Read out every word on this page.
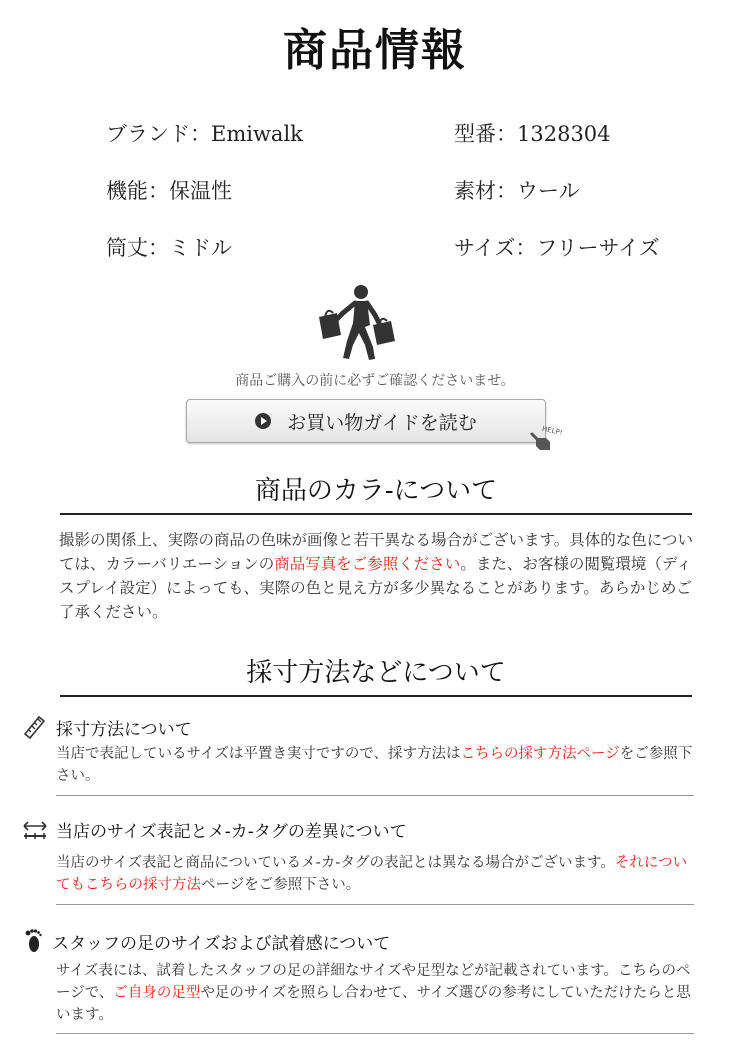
商品情報
ブランド：Emiwalk	型番：1328304
機能：保温性	素材：ウール
筒丈：ミドル	サイズ：フリーサイズ
商品ご購入の前に必ずご確認くださいませ。
お買い物ガイドを読む	HELP!
商品のカラ-について
撮影の関係上、実際の商品の色味が画像と若干異なる場合がございます。具体的な色については、カラーバリエーションの商品写真をご参照ください。また、お客様の閲覧環境（ディスプレイ設定）によっても、実際の色と見え方が多少異なることがあります。あらかじめご了承ください。
採寸方法などについて
採寸方法について
当店で表記しているサイズは平置き実寸ですので、採す方法はこちらの採す方法ページをご参照下さい。
当店のサイズ表記とメ-カ-タグの差異について
当店のサイズ表記と商品についているメ-カ-タグの表記とは異なる場合がございます。それについてもこちらの採寸方法ページをご参照下さい。
スタッフの足のサイズおよび試着感について
サイズ表には、試着したスタッフの足の詳細なサイズや足型などが記載されています。こちらのページで、ご自身の足型や足のサイズを照らし合わせて、サイズ選びの参考にしていただけたらと思います。
